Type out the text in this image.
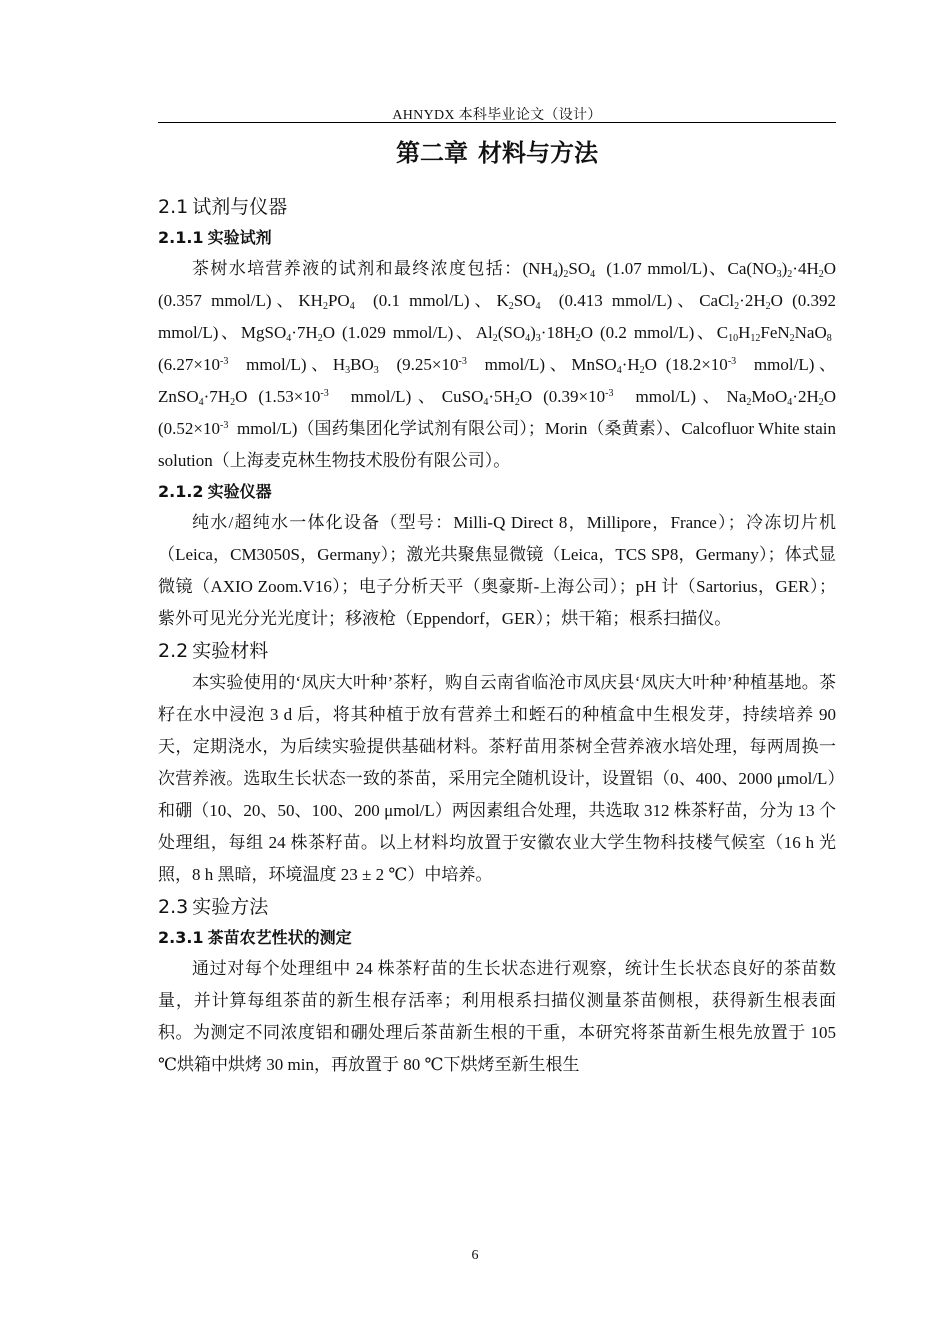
AHNYDX 本科毕业论文（设计）
第二章 材料与方法
2.1 试剂与仪器
2.1.1 实验试剂

茶树水培营养液的试剂和最终浓度包括：$(NH_4)_2SO_4$  (1.07 mmol/L)、$Ca(NO_3)_2\cdot 4H_2O$ (0.357 mmol/L)、$KH_2PO_4$  (0.1 mmol/L)、$K_2SO_4$  (0.413 mmol/L)、$CaCl_2\cdot 2H_2O$ (0.392 mmol/L)、$MgSO_4\cdot 7H_2O$ (1.029 mmol/L)、$Al_2(SO_4)_3\cdot 18H_2O$ (0.2 mmol/L)、$C_{10}H_{12}FeN_2NaO_8$  ($6.27\times 10^{-3}$  mmol/L)、$H_3BO_3$  ($9.25\times 10^{-3}$  mmol/L)、$MnSO_4\cdot H_2O$ ($18.2\times 10^{-3}$  mmol/L)、$ZnSO_4\cdot 7H_2O$ ($1.53\times 10^{-3}$  mmol/L)、$CuSO_4\cdot 5H_2O$ ($0.39\times 10^{-3}$  mmol/L)、$Na_2MoO_4\cdot 2H_2O$ ($0.52\times 10^{-3}$  mmol/L)（国药集团化学试剂有限公司）；Morin（桑黄素）、Calcofluor White stain solution（上海麦克林生物技术股份有限公司）。

2.1.2 实验仪器

纯水/超纯水一体化设备（型号：Milli-Q Direct 8，Millipore，France）；冷冻切片机（Leica，CM3050S，Germany）；激光共聚焦显微镜（Leica，TCS SP8，Germany）；体式显微镜（AXIO Zoom.V16）；电子分析天平（奥豪斯-上海公司）；pH 计（Sartorius，GER）；紫外可见光分光光度计；移液枪（Eppendorf，GER）；烘干箱；根系扫描仪。

2.2 实验材料

本实验使用的‘凤庆大叶种’茶籽，购自云南省临沧市凤庆县‘凤庆大叶种’种植基地。茶籽在水中浸泡 3 d 后，将其种植于放有营养土和蛭石的种植盒中生根发芽，持续培养 90 天，定期浇水，为后续实验提供基础材料。茶籽苗用茶树全营养液水培处理，每两周换一次营养液。选取生长状态一致的茶苗，采用完全随机设计，设置铝（0、400、2000 μmol/L）和硼（10、20、50、100、200 μmol/L）两因素组合处理，共选取 312 株茶籽苗，分为 13 个处理组，每组 24 株茶籽苗。以上材料均放置于安徽农业大学生物科技楼气候室（16 h 光照，8 h 黑暗，环境温度 23 ± 2 ℃）中培养。

2.3 实验方法
2.3.1 茶苗农艺性状的测定

通过对每个处理组中 24 株茶籽苗的生长状态进行观察，统计生长状态良好的茶苗数量，并计算每组茶苗的新生根存活率；利用根系扫描仪测量茶苗侧根，获得新生根表面积。为测定不同浓度铝和硼处理后茶苗新生根的干重，本研究将茶苗新生根先放置于 105 ℃烘箱中烘烤 30 min，再放置于 80 ℃下烘烤至新生根生

6
